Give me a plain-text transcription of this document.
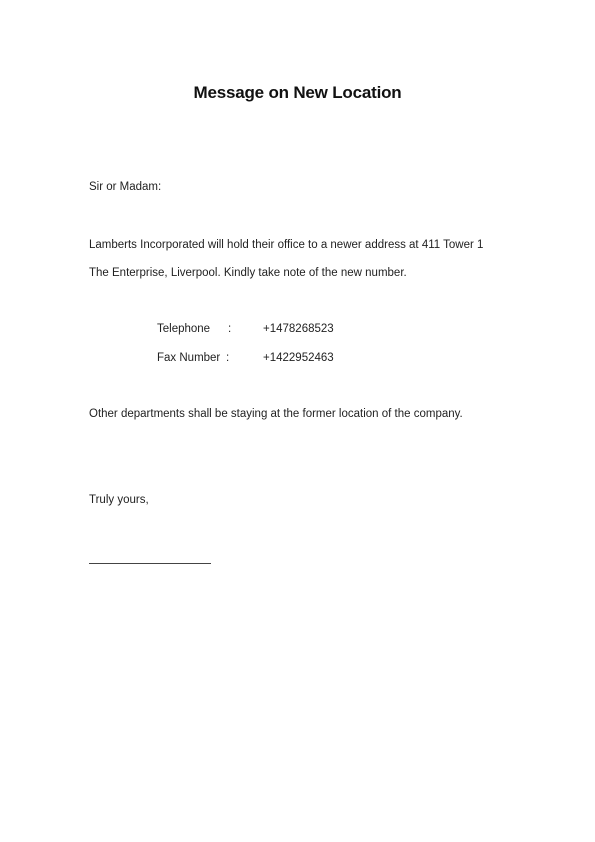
Message on New Location
Sir or Madam:
Lamberts Incorporated will hold their office to a newer address at 411 Tower 1
The Enterprise, Liverpool. Kindly take note of the new number.
Telephone :	+1478268523
Fax Number :	+1422952463
Other departments shall be staying at the former location of the company.
Truly yours,
